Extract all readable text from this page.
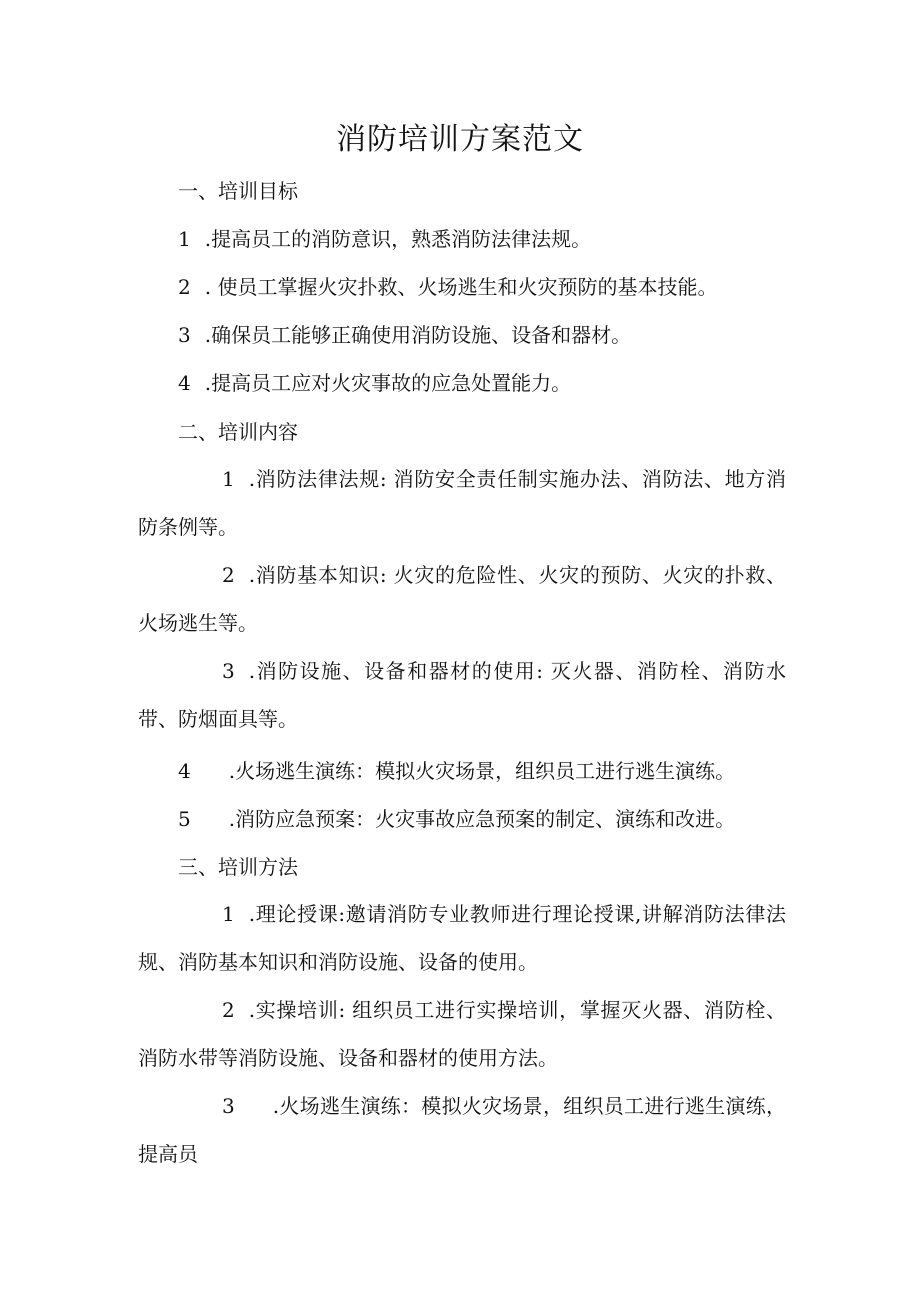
消防培训方案范文
一、培训目标
1 .提高员工的消防意识，熟悉消防法律法规。
2 . 使员工掌握火灾扑救、火场逃生和火灾预防的基本技能。
3 .确保员工能够正确使用消防设施、设备和器材。
4 .提高员工应对火灾事故的应急处置能力。
二、培训内容

1 .消防法律法规: 消防安全责任制实施办法、消防法、地方消防条例等。

2 .消防基本知识: 火灾的危险性、火灾的预防、火灾的扑救、火场逃生等。

3 .消防设施、设备和器材的使用: 灭火器、消防栓、消防水带、防烟面具等。

4 .火场逃生演练：模拟火灾场景，组织员工进行逃生演练。
5 .消防应急预案：火灾事故应急预案的制定、演练和改进。
三、培训方法

1 .理论授课:邀请消防专业教师进行理论授课,讲解消防法律法规、消防基本知识和消防设施、设备的使用。

2 .实操培训: 组织员工进行实操培训，掌握灭火器、消防栓、消防水带等消防设施、设备和器材的使用方法。

3 .火场逃生演练：模拟火灾场景，组织员工进行逃生演练，提高员
